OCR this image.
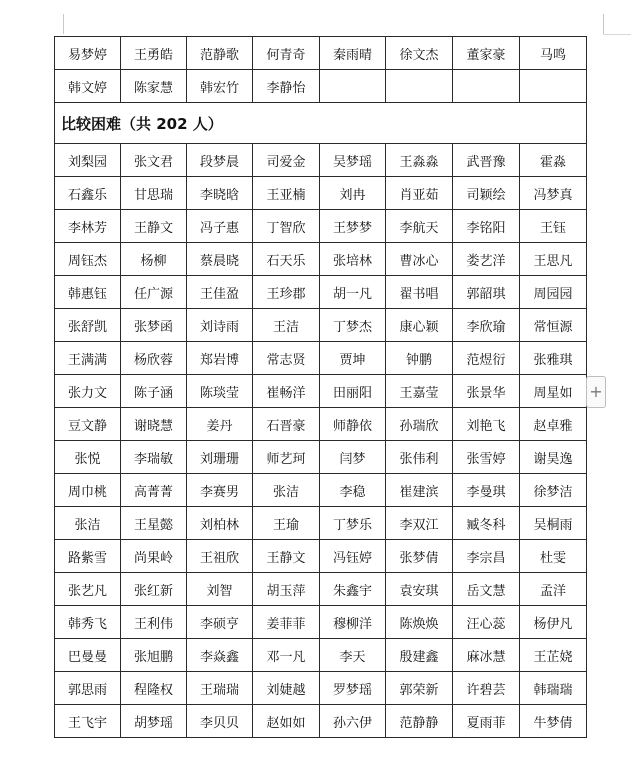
易梦婷	王勇皓	范静歌	何青奇	秦雨晴	徐文杰	董家豪	马鸣
韩文婷	陈家慧	韩宏竹	李静怡				
比较困难（共 202 人）							
刘梨园	张文君	段梦晨	司爱金	吴梦瑶	王淼淼	武晋豫	霍淼
石鑫乐	甘思瑞	李晓晗	王亚楠	刘冉	肖亚茹	司颖绘	冯梦真
李林芳	王静文	冯子惠	丁智欣	王梦梦	李航天	李铭阳	王钰
周钰杰	杨柳	蔡晨晓	石天乐	张培林	曹冰心	娄艺洋	王思凡
韩惠钰	任广源	王佳盈	王珍郡	胡一凡	翟书唱	郭韶琪	周园园
张舒凯	张梦函	刘诗雨	王洁	丁梦杰	康心颖	李欣瑜	常恒源
王满满	杨欣蓉	郑岩博	常志贤	贾坤	钟鹏	范煜衍	张雅琪
张力文	陈子涵	陈琰莹	崔畅洋	田丽阳	王嘉莹	张景华	周星如
豆文静	谢晓慧	姜丹	石晋豪	师静依	孙瑞欣	刘艳飞	赵卓雅
张悦	李瑞敏	刘珊珊	师艺珂	闫梦	张伟利	张雪婷	谢昊逸
周巾桃	高菁菁	李赛男	张洁	李稳	崔建滨	李曼琪	徐梦洁
张洁	王星懿	刘柏林	王瑜	丁梦乐	李双江	臧冬科	吴桐雨
路紫雪	尚果岭	王祖欣	王静文	冯钰婷	张梦倩	李宗昌	杜雯
张艺凡	张红新	刘智	胡玉萍	朱鑫宇	袁安琪	岳文慧	孟洋
韩秀飞	王利伟	李硕亨	姜菲菲	穆柳洋	陈焕焕	汪心蕊	杨伊凡
巴曼曼	张旭鹏	李焱鑫	邓一凡	李天	殷建鑫	麻冰慧	王芷娆
郭思雨	程隆权	王瑞瑞	刘婕越	罗梦瑶	郭荣新	许碧芸	韩瑞瑞
王飞宇	胡梦瑶	李贝贝	赵如如	孙六伊	范静静	夏雨菲	牛梦倩
+
